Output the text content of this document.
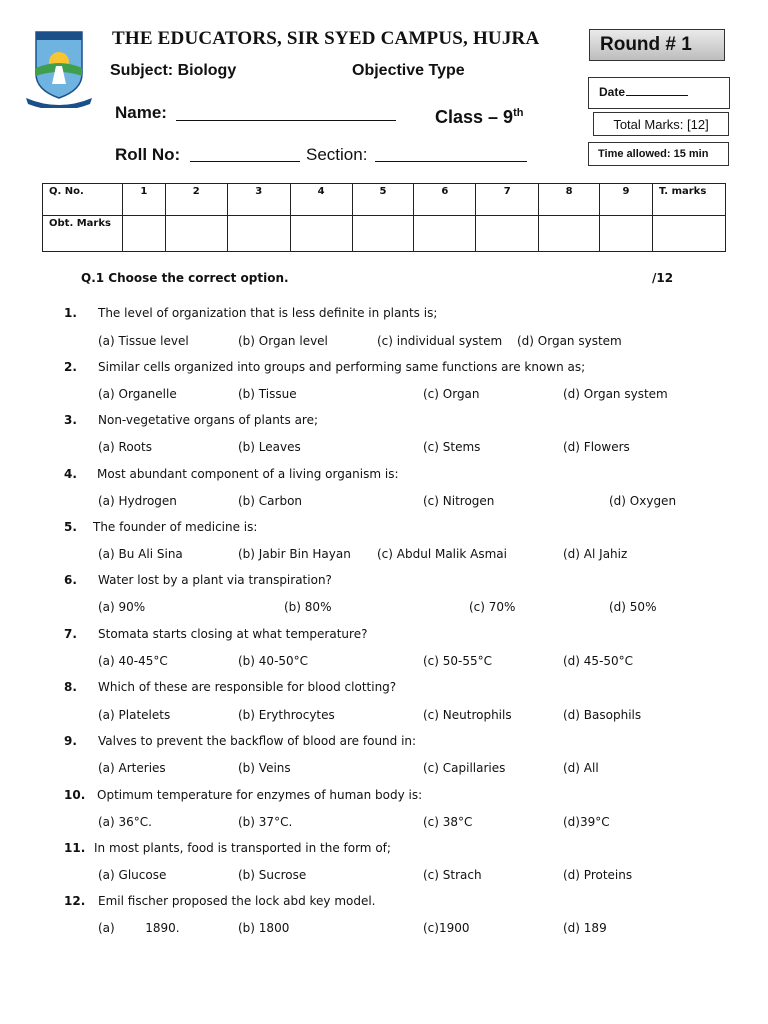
THE EDUCATORS, SIR SYED CAMPUS, HUJRA
Subject: Biology	Objective Type
Name:	Class – 9th
Roll No:	Section:
Round # 1
Date
Total Marks: [12]
Time allowed: 15 min
Q. No.	1	2	3	4	5	6	7	8	9	T. marks
Obt. Marks										
Q.1 Choose the correct option.	/12
1. The level of organization that is less definite in plants is;
(a) Tissue level	(b) Organ level	(c) individual system (d) Organ system
2. Similar cells organized into groups and performing same functions are known as;
(a) Organelle	(b) Tissue	(c) Organ	(d) Organ system
3. Non-vegetative organs of plants are;
(a) Roots	(b) Leaves	(c) Stems	(d) Flowers
4. Most abundant component of a living organism is:
(a) Hydrogen	(b) Carbon	(c) Nitrogen	(d) Oxygen
5. The founder of medicine is:
(a) Bu Ali Sina	(b) Jabir Bin Hayan (c) Abdul Malik Asmai	(d) Al Jahiz
6. Water lost by a plant via transpiration?
(a) 90%	(b) 80%	(c) 70%	(d) 50%
7. Stomata starts closing at what temperature?
(a) 40-45°C	(b) 40-50°C	(c) 50-55°C	(d) 45-50°C
8. Which of these are responsible for blood clotting?
(a) Platelets	(b) Erythrocytes	(c) Neutrophils	(d) Basophils
9. Valves to prevent the backflow of blood are found in:
(a) Arteries	(b) Veins	(c) Capillaries	(d) All
10. Optimum temperature for enzymes of human body is:
(a) 36°C.	(b) 37°C.	(c) 38°C	(d)39°C
11. In most plants, food is transported in the form of;
(a) Glucose	(b) Sucrose	(c) Strach	(d) Proteins
12. Emil fischer proposed the lock abd key model.
(a)        1890.	(b) 1800	(c)1900	(d) 189
